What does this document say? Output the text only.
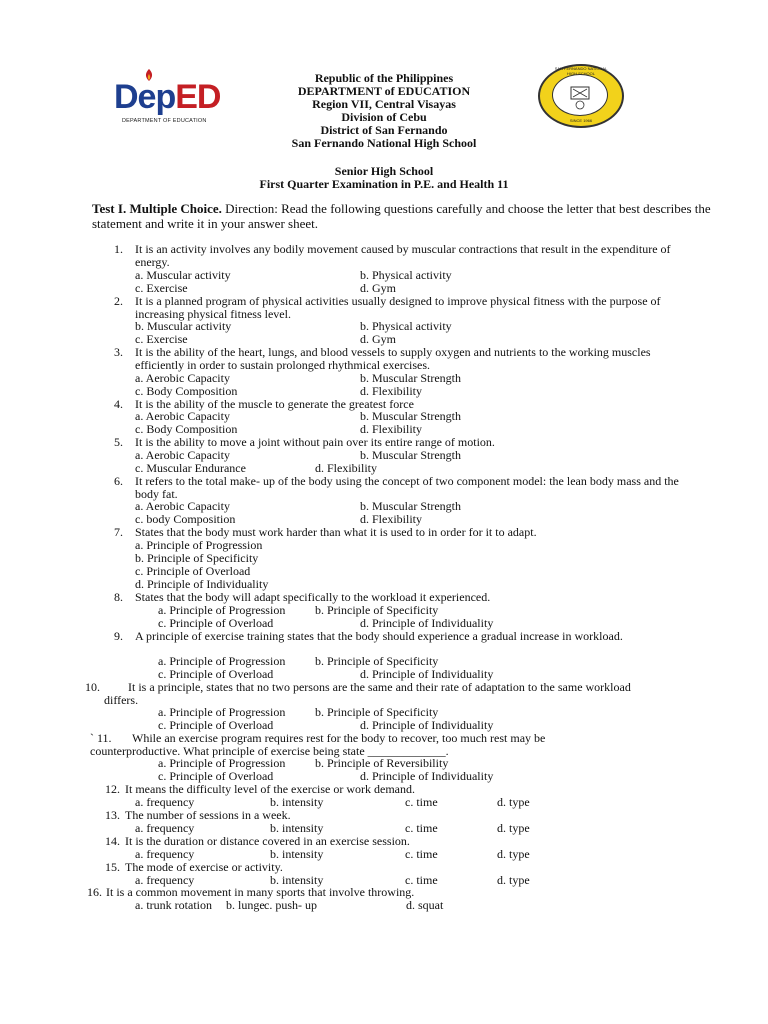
DepED
DEPARTMENT OF EDUCATION
SAN FERNANDO NATIONAL HIGH SCHOOL
SINCE 1966
Republic of the Philippines
DEPARTMENT of EDUCATION
Region VII, Central Visayas
Division of Cebu
District of San Fernando
San Fernando National High School
Senior High School
First Quarter Examination in P.E. and Health 11
Test I. Multiple Choice. Direction: Read the following questions carefully and choose the letter that best describes the statement and write it in your answer sheet.
1. It is an activity involves any bodily movement caused by muscular contractions that result in the expenditure of energy.
a. Muscular activity	b. Physical activity
c. Exercise	d. Gym
2. It is a planned program of physical activities usually designed to improve physical fitness with the purpose of increasing physical fitness level.
b. Muscular activity	b. Physical activity
c. Exercise	d. Gym
3. It is the ability of the heart, lungs, and blood vessels to supply oxygen and nutrients to the working muscles efficiently in order to sustain prolonged rhythmical exercises.
a. Aerobic Capacity	b. Muscular Strength
c. Body Composition	d. Flexibility
4. It is the ability of the muscle to generate the greatest force
a. Aerobic Capacity	b. Muscular Strength
c. Body Composition	d. Flexibility
5. It is the ability to move a joint without pain over its entire range of motion.
a. Aerobic Capacity	b. Muscular Strength
c. Muscular Endurance	d. Flexibility
6. It refers to the total make- up of the body using the concept of two component model: the lean body mass and the body fat.
a. Aerobic Capacity	b. Muscular Strength
c. body Composition	d. Flexibility
7. States that the body must work harder than what it is used to in order for it to adapt.
a. Principle of Progression
b. Principle of Specificity
c. Principle of Overload
d. Principle of Individuality
8. States that the body will adapt specifically to the workload it experienced.
a. Principle of Progression b. Principle of Specificity
c. Principle of Overload	d. Principle of Individuality
9. A principle of exercise training states that the body should experience a gradual increase in workload.
a. Principle of Progression b. Principle of Specificity
c. Principle of Overload	d. Principle of Individuality
10.	It is a principle, states that no two persons are the same and their rate of adaptation to the same workload differs.
a. Principle of Progression b. Principle of Specificity
c. Principle of Overload	d. Principle of Individuality
` 11.	While an exercise program requires rest for the body to recover, too much rest may be counterproductive. What principle of exercise being state _____________.
a. Principle of Progression b. Principle of Reversibility
c. Principle of Overload	d. Principle of Individuality
12. It means the difficulty level of the exercise or work demand.
a. frequency	b. intensity	c. time	d. type
13. The number of sessions in a week.
a. frequency	b. intensity	c. time	d. type
14. It is the duration or distance covered in an exercise session.
a. frequency	b. intensity	c. time	d. type
15. The mode of exercise or activity.
a. frequency	b. intensity	c. time	d. type
16. It is a common movement in many sports that involve throwing.
a. trunk rotation b. lunge c. push- up	d. squat
